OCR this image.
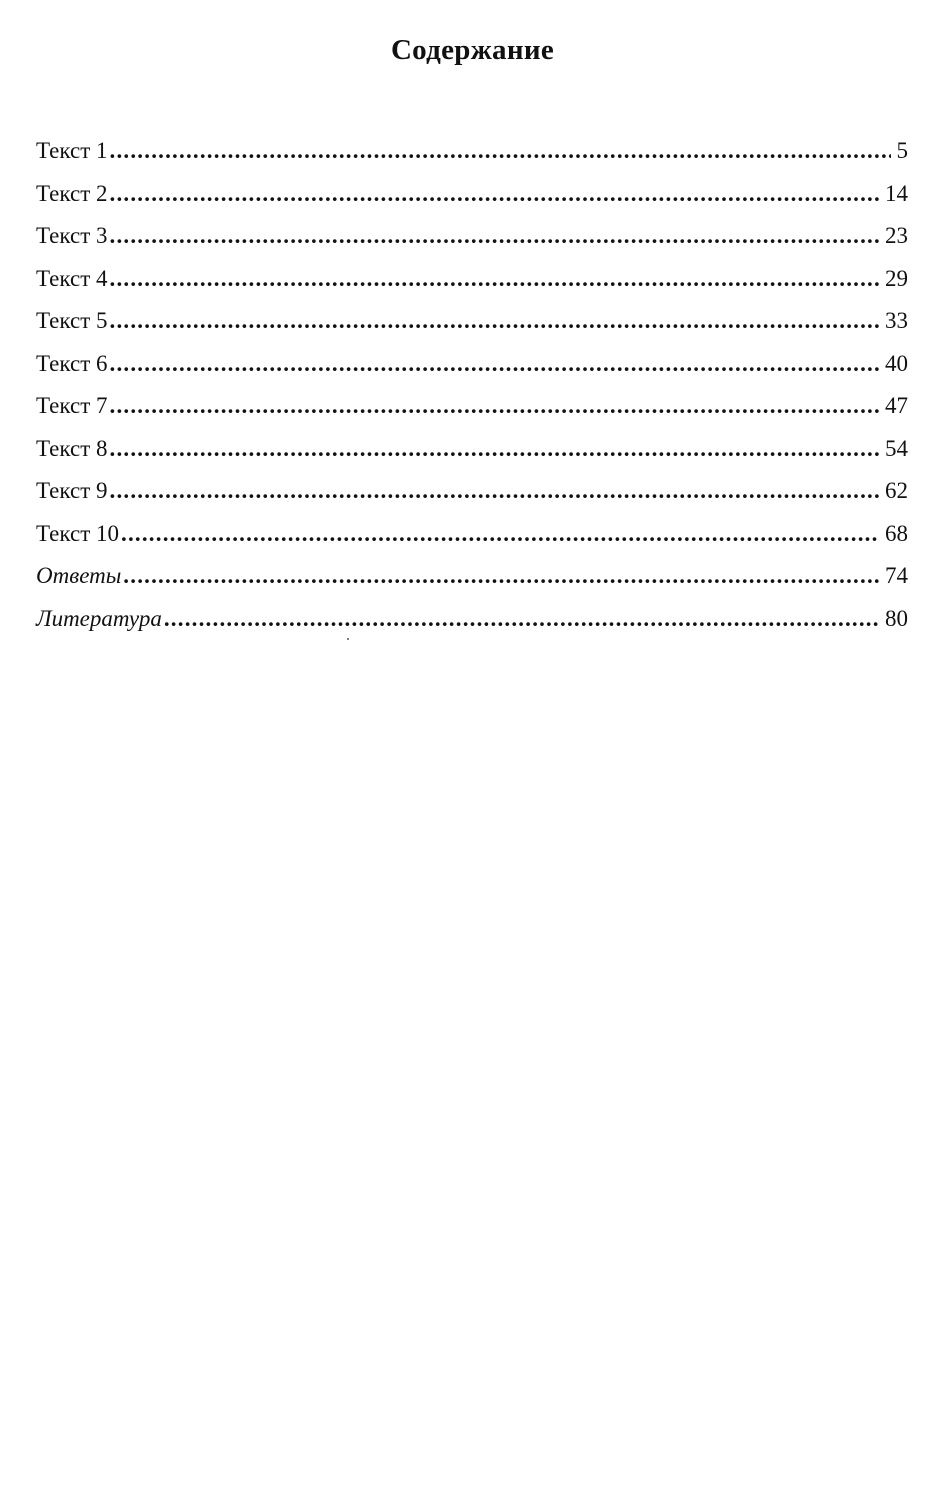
Содержание
Текст 1 .....	5
Текст 2 .....	14
Текст 3 .....	23
Текст 4 .....	29
Текст 5 .....	33
Текст 6 .....	40
Текст 7 .....	47
Текст 8 .....	54
Текст 9 .....	62
Текст 10 .....	68
Ответы .....	74
Литература .....	80
